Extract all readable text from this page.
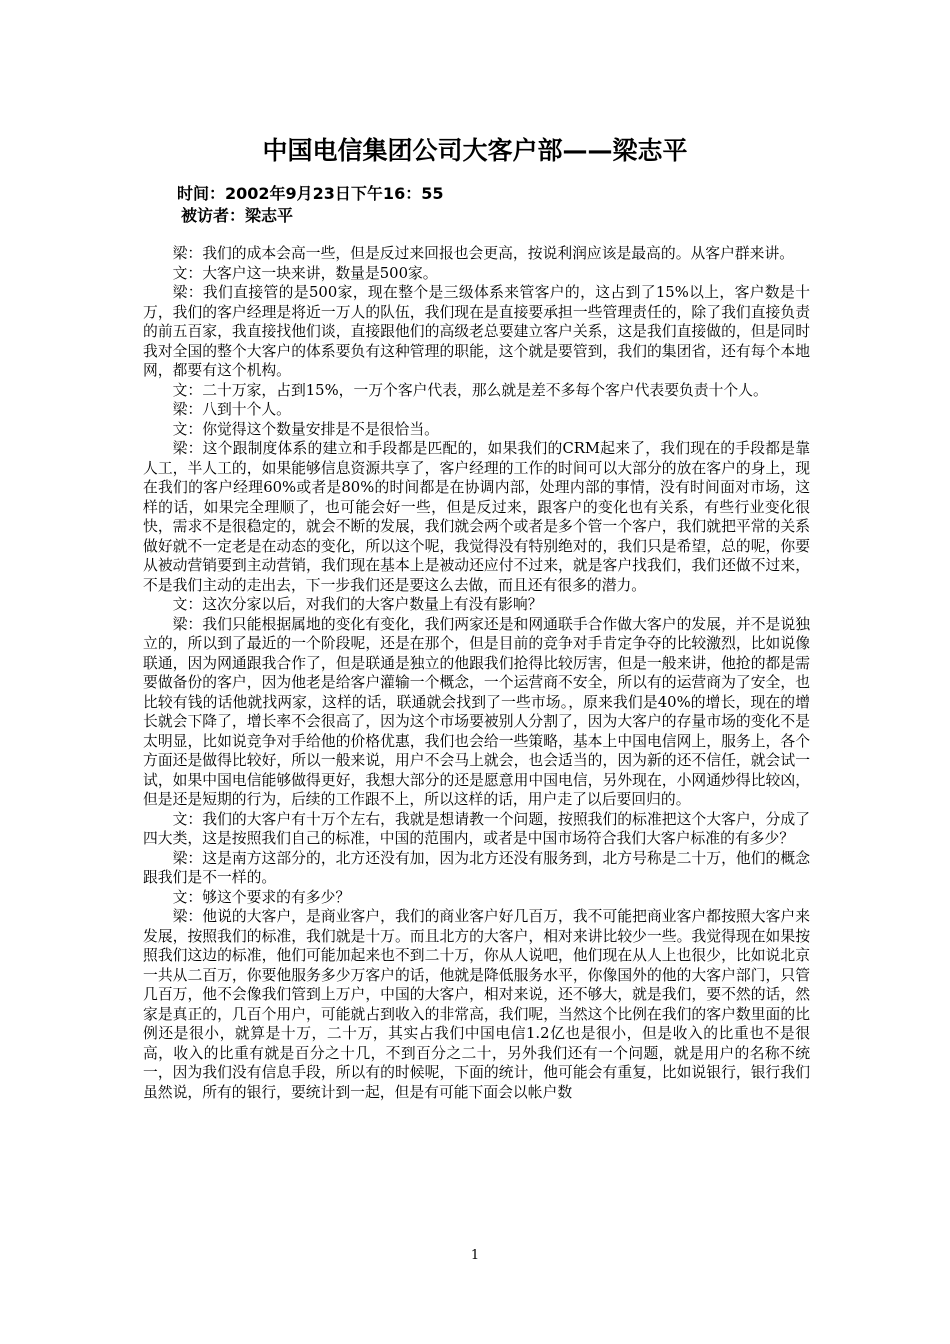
中国电信集团公司大客户部——梁志平

时间：2002年9月23日下午16：55

被访者：梁志平

梁：我们的成本会高一些，但是反过来回报也会更高，按说利润应该是最高的。从客户群来讲。

文：大客户这一块来讲，数量是500家。

梁：我们直接管的是500家，现在整个是三级体系来管客户的，这占到了15%以上，客户数是十万，我们的客户经理是将近一万人的队伍，我们现在是直接要承担一些管理责任的，除了我们直接负责的前五百家，我直接找他们谈，直接跟他们的高级老总要建立客户关系，这是我们直接做的，但是同时我对全国的整个大客户的体系要负有这种管理的职能，这个就是要管到，我们的集团省，还有每个本地网，都要有这个机构。

文：二十万家，占到15%，一万个客户代表，那么就是差不多每个客户代表要负责十个人。

梁：八到十个人。

文：你觉得这个数量安排是不是很恰当。

梁：这个跟制度体系的建立和手段都是匹配的，如果我们的CRM起来了，我们现在的手段都是靠人工，半人工的，如果能够信息资源共享了，客户经理的工作的时间可以大部分的放在客户的身上，现在我们的客户经理60%或者是80%的时间都是在协调内部，处理内部的事情，没有时间面对市场，这样的话，如果完全理顺了，也可能会好一些，但是反过来，跟客户的变化也有关系，有些行业变化很快，需求不是很稳定的，就会不断的发展，我们就会两个或者是多个管一个客户，我们就把平常的关系做好就不一定老是在动态的变化，所以这个呢，我觉得没有特别绝对的，我们只是希望，总的呢，你要从被动营销要到主动营销，我们现在基本上是被动还应付不过来，就是客户找我们，我们还做不过来，不是我们主动的走出去，下一步我们还是要这么去做，而且还有很多的潜力。

文：这次分家以后，对我们的大客户数量上有没有影响？

梁：我们只能根据属地的变化有变化，我们两家还是和网通联手合作做大客户的发展，并不是说独立的，所以到了最近的一个阶段呢，还是在那个，但是目前的竞争对手肯定争夺的比较激烈，比如说像联通，因为网通跟我合作了，但是联通是独立的他跟我们抢得比较厉害，但是一般来讲，他抢的都是需要做备份的客户，因为他老是给客户灌输一个概念，一个运营商不安全，所以有的运营商为了安全，也比较有钱的话他就找两家，这样的话，联通就会找到了一些市场。，原来我们是40%的增长，现在的增长就会下降了，增长率不会很高了，因为这个市场要被别人分割了，因为大客户的存量市场的变化不是太明显，比如说竞争对手给他的价格优惠，我们也会给一些策略，基本上中国电信网上，服务上，各个方面还是做得比较好，所以一般来说，用户不会马上就会，也会适当的，因为新的还不信任，就会试一试，如果中国电信能够做得更好，我想大部分的还是愿意用中国电信，另外现在，小网通炒得比较凶，但是还是短期的行为，后续的工作跟不上，所以这样的话，用户走了以后要回归的。

文：我们的大客户有十万个左右，我就是想请教一个问题，按照我们的标准把这个大客户，分成了四大类，这是按照我们自己的标准，中国的范围内，或者是中国市场符合我们大客户标准的有多少？

梁：这是南方这部分的，北方还没有加，因为北方还没有服务到，北方号称是二十万，他们的概念跟我们是不一样的。

文：够这个要求的有多少？

梁：他说的大客户，是商业客户，我们的商业客户好几百万，我不可能把商业客户都按照大客户来发展，按照我们的标准，我们就是十万。而且北方的大客户，相对来讲比较少一些。我觉得现在如果按照我们这边的标准，他们可能加起来也不到二十万，你从人说吧，他们现在从人上也很少，比如说北京一共从二百万，你要他服务多少万客户的话，他就是降低服务水平，你像国外的他的大客户部门，只管几百万，他不会像我们管到上万户，中国的大客户，相对来说，还不够大，就是我们，要不然的话，然家是真正的，几百个用户，可能就占到收入的非常高，我们呢，当然这个比例在我们的客户数里面的比例还是很小，就算是十万，二十万，其实占我们中国电信1.2亿也是很小，但是收入的比重也不是很高，收入的比重有就是百分之十几，不到百分之二十，另外我们还有一个问题，就是用户的名称不统一，因为我们没有信息手段，所以有的时候呢，下面的统计，他可能会有重复，比如说银行，银行我们虽然说，所有的银行，要统计到一起，但是有可能下面会以帐户数

1
